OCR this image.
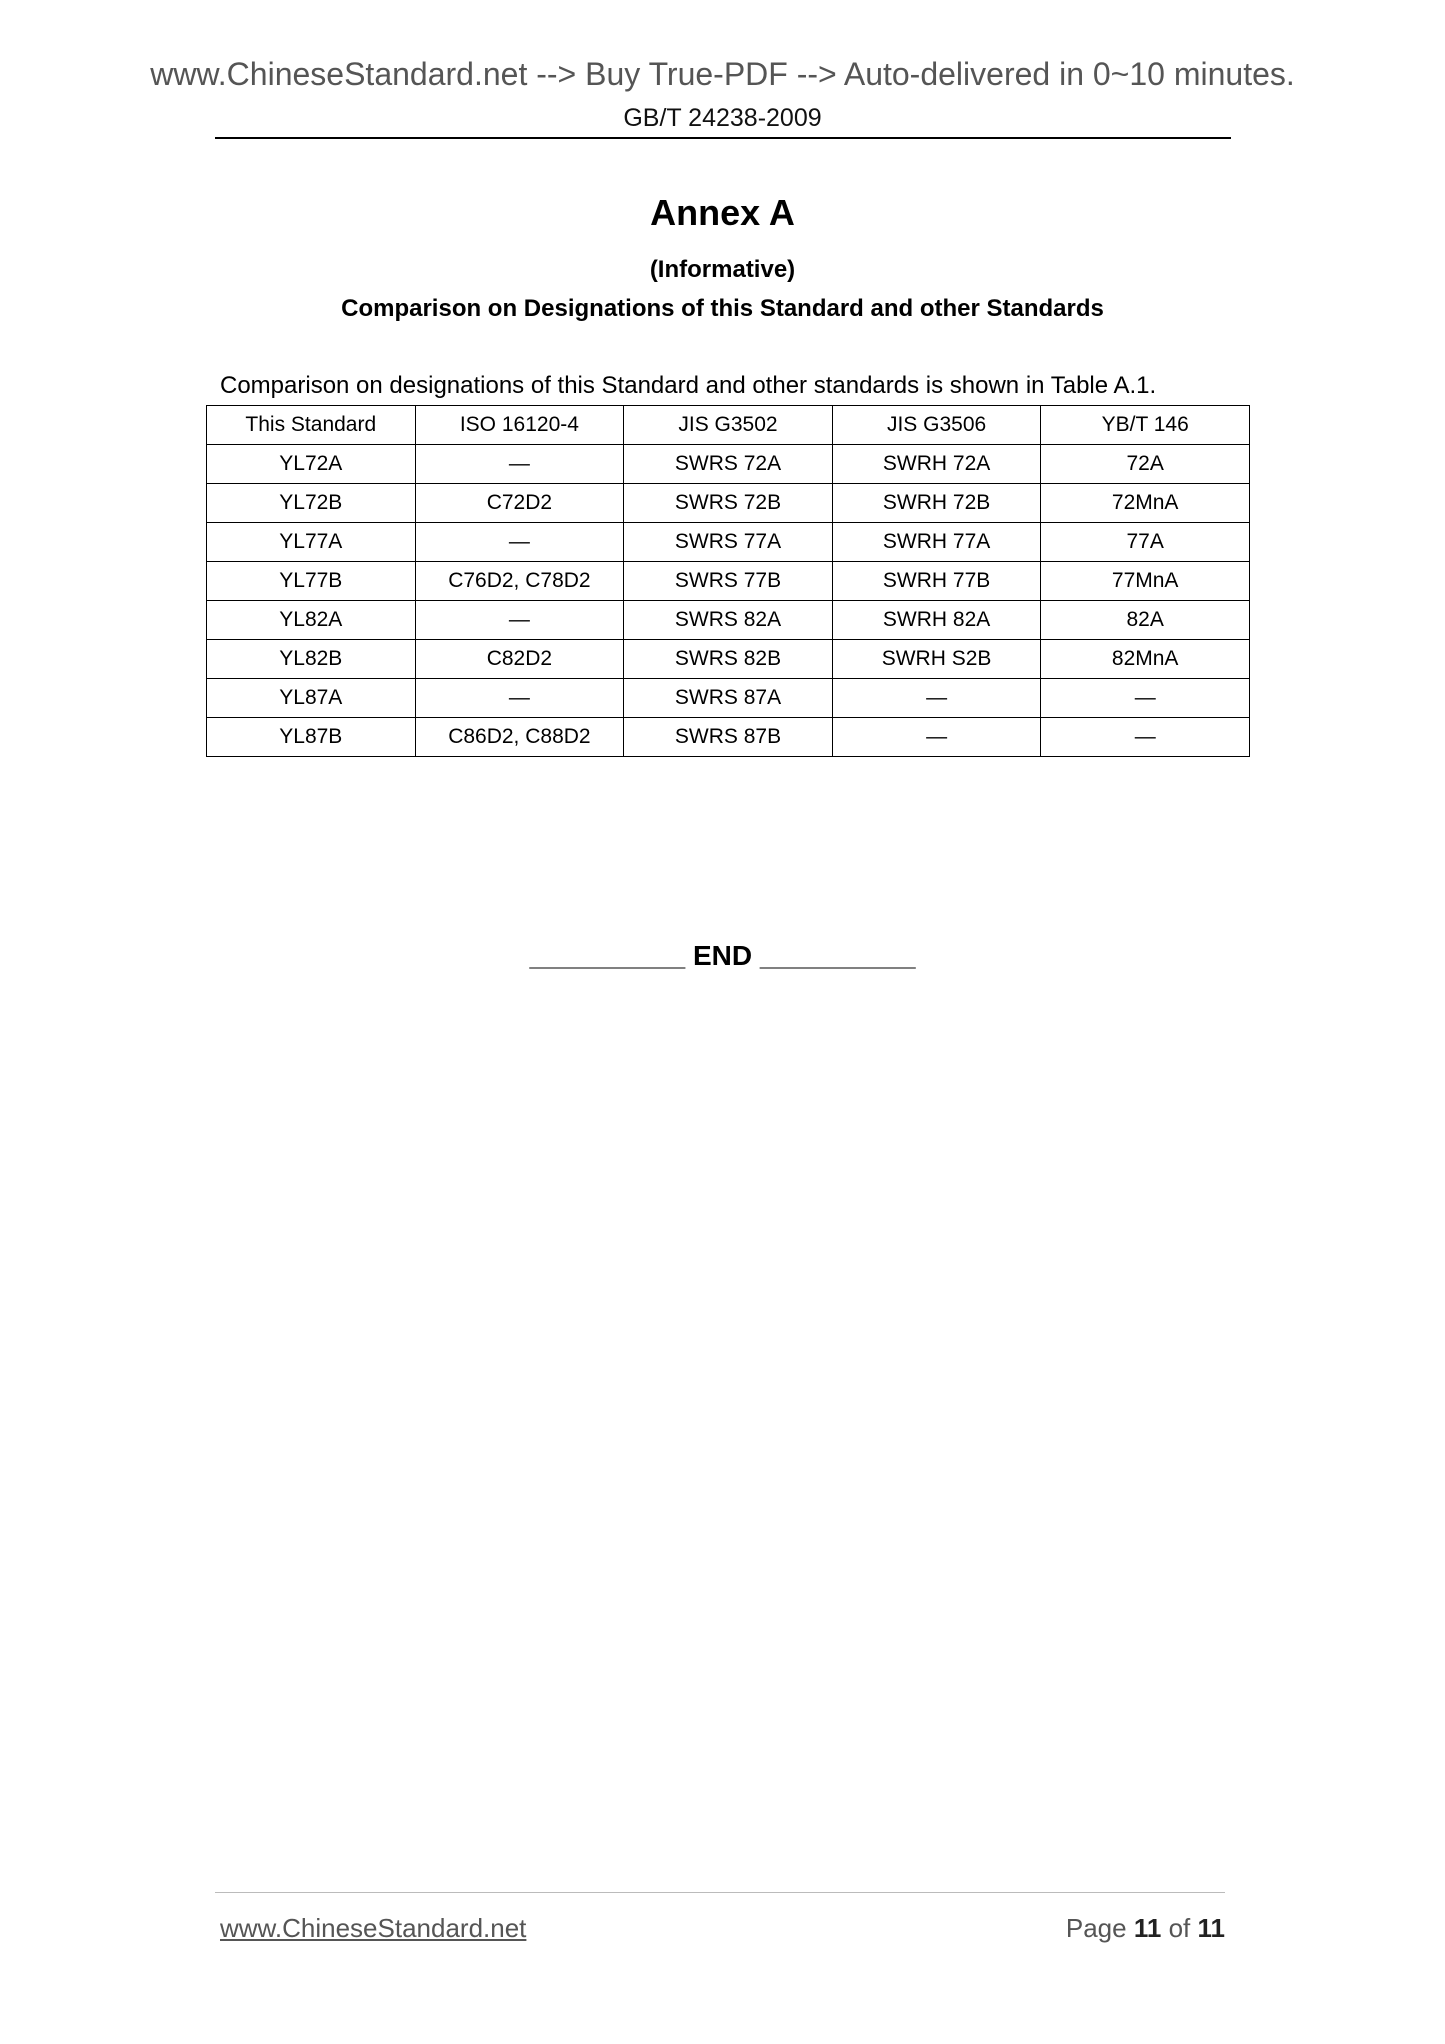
www.ChineseStandard.net --> Buy True-PDF --> Auto-delivered in 0~10 minutes.
GB/T 24238-2009
Annex A
(Informative)
Comparison on Designations of this Standard and other Standards
Comparison on designations of this Standard and other standards is shown in Table A.1.
This Standard	ISO 16120-4	JIS G3502	JIS G3506	YB/T 146
YL72A	—	SWRS 72A	SWRH 72A	72A
YL72B	C72D2	SWRS 72B	SWRH 72B	72MnA
YL77A	—	SWRS 77A	SWRH 77A	77A
YL77B	C76D2, C78D2	SWRS 77B	SWRH 77B	77MnA
YL82A	—	SWRS 82A	SWRH 82A	82A
YL82B	C82D2	SWRS 82B	SWRH S2B	82MnA
YL87A	—	SWRS 87A	—	—
YL87B	C86D2, C88D2	SWRS 87B	—	—
__________ END __________
www.ChineseStandard.net	Page 11 of 11
